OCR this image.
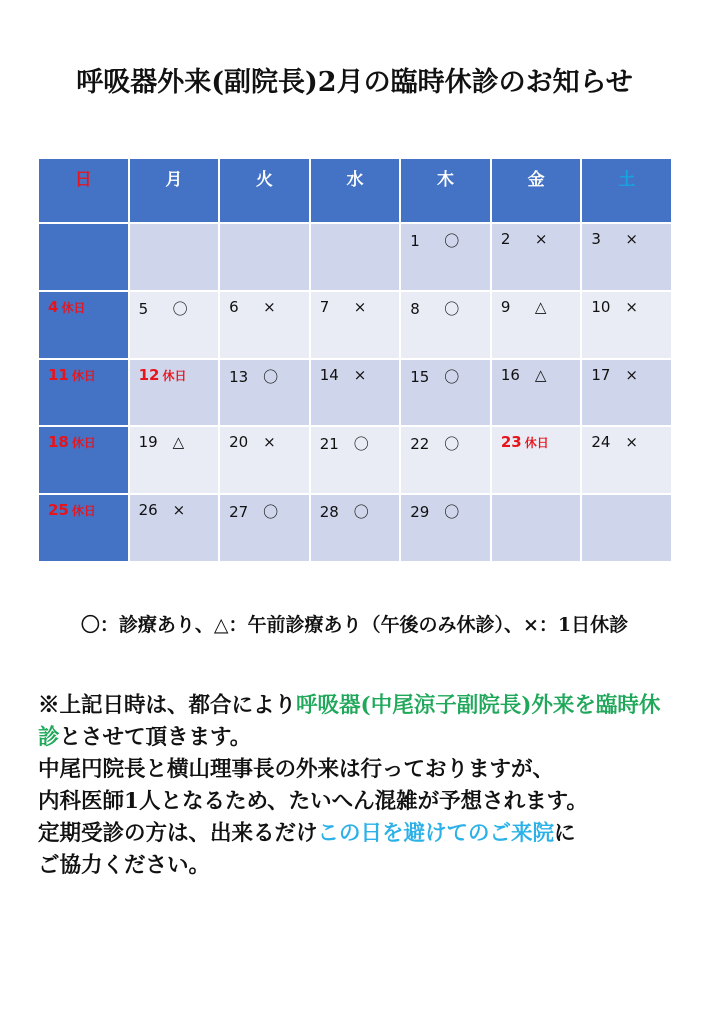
呼吸器外来(副院長)2月の臨時休診のお知らせ
日	月	火	水	木	金	土
				1 〇	2 ×	3 ×
4 休日	5 〇	6 ×	7 ×	8 〇	9 △	10 ×
11 休日	12 休日	13 〇	14 ×	15 〇	16 △	17 ×
18 休日	19 △	20 ×	21 〇	22 〇	23 休日	24 ×
25 休日	26 ×	27 〇	28 〇	29 〇		
〇：診療あり、△：午前診療あり（午後のみ休診）、×：1日休診

※上記日時は、都合により呼吸器(中尾涼子副院長)外来を臨時休診とさせて頂きます。

中尾円院長と横山理事長の外来は行っておりますが、

内科医師1人となるため、たいへん混雑が予想されます。

定期受診の方は、出来るだけこの日を避けてのご来院に

ご協力ください。
